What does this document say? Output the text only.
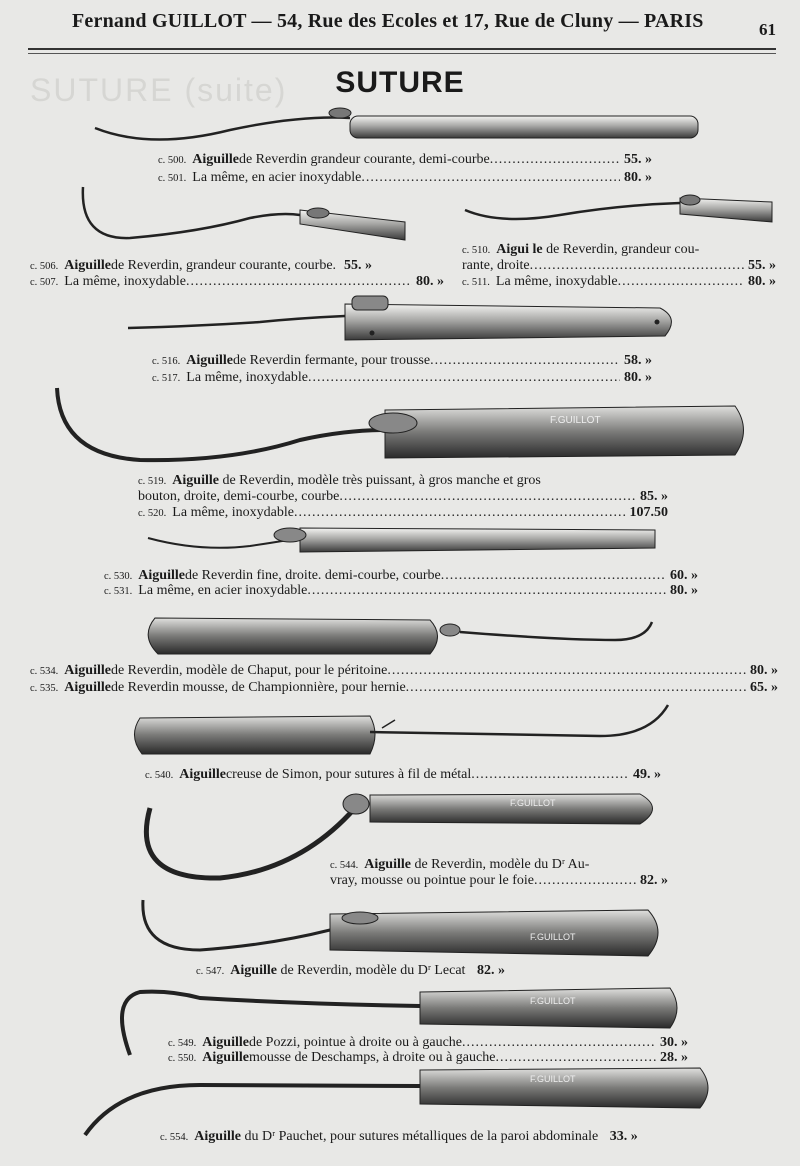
SUTURE (suite)
Fernand GUILLOT — 54, Rue des Ecoles et 17, Rue de Cluny — PARIS	61
SUTURE
F.GUILLOT
F.GUILLOT
F.GUILLOT
F.GUILLOT
F.GUILLOT
c. 500. Aiguille de Reverdin grandeur courante, demi-courbe .....	55. »
c. 501. La même, en acier inoxydable .....	80. »
c. 506. Aiguille de Reverdin, grandeur courante, courbe. 55. »
c. 507. La même, inoxydable .....	80. »
c. 510. Aigui le de Reverdin, grandeur cou-
rante, droite .....	55. »
c. 511. La même, inoxydable .....	80. »
c. 516. Aiguille de Reverdin fermante, pour trousse .....	58. »
c. 517. La même, inoxydable .....	80. »
c. 519. Aiguille de Reverdin, modèle très puissant, à gros manche et gros
bouton, droite, demi-courbe, courbe .....	85. »
c. 520. La même, inoxydable .....	107.50
c. 530. Aiguille de Reverdin fine, droite. demi-courbe, courbe .....	60. »
c. 531. La même, en acier inoxydable .....	80. »
c. 534. Aiguille de Reverdin, modèle de Chaput, pour le péritoine .....	80. »
c. 535. Aiguille de Reverdin mousse, de Championnière, pour hernie .....	65. »
c. 540. Aiguille creuse de Simon, pour sutures à fil de métal .....	49. »
c. 544. Aiguille de Reverdin, modèle du Dʳ Au-
vray, mousse ou pointue pour le foie .....	82. »
c. 547. Aiguille de Reverdin, modèle du Dʳ Lecat 82. »
c. 549. Aiguille de Pozzi, pointue à droite ou à gauche .....	30. »
c. 550. Aiguille mousse de Deschamps, à droite ou à gauche .....	28. »
c. 554. Aiguille du Dʳ Pauchet, pour sutures métalliques de la paroi abdominale 33. »
